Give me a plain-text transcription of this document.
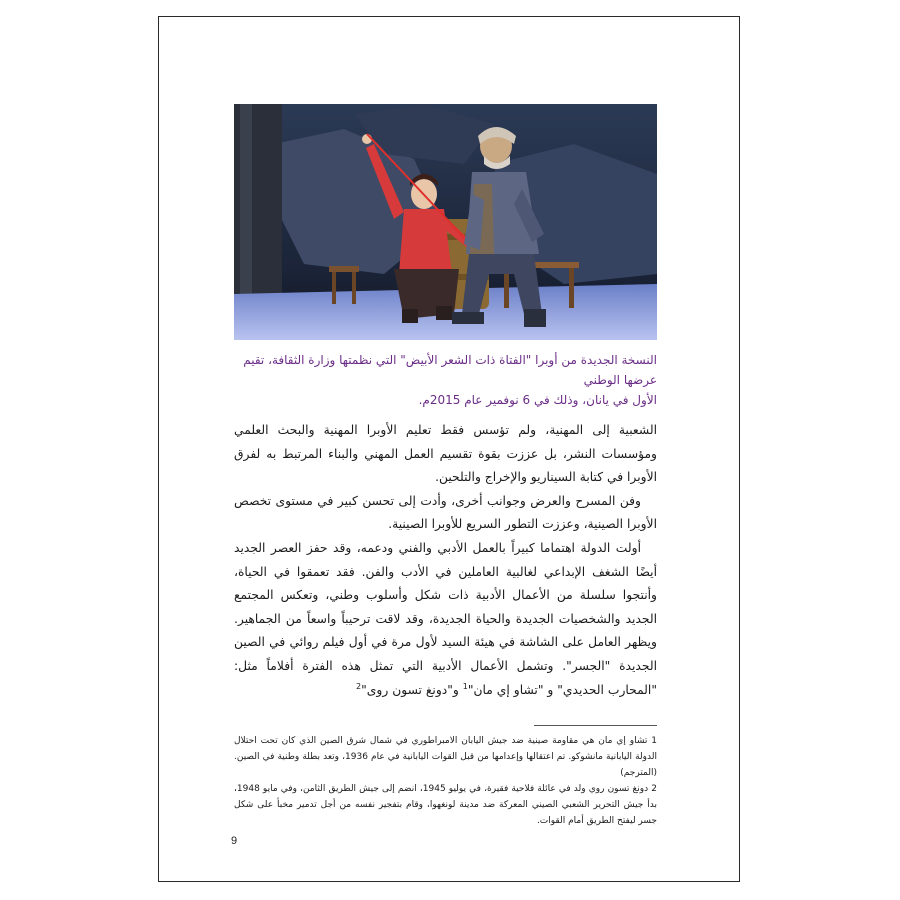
النسخة الجديدة من أوبرا "الفتاة ذات الشعر الأبيض" التي نظمتها وزارة الثقافة، تقيم عرضها الوطني
الأول في يانان، وذلك في 6 نوفمير عام 2015م.

الشعبية إلى المهنية، ولم تؤسس فقط تعليم الأوبرا المهنية والبحث العلمي ومؤسسات النشر، بل عززت بقوة تقسيم العمل المهني والبناء المرتبط به لفرق الأوبرا في كتابة السيناريو والإخراج والتلحين.

وفن المسرح والعرض وجوانب أخرى، وأدت إلى تحسن كبير في مستوى تخصص الأوبرا الصينية، وعززت التطور السريع للأوبرا الصينية.

أولت الدولة اهتماما كبيراً بالعمل الأدبي والفني ودعمه، وقد حفز العصر الجديد أيضًا الشغف الإبداعي لغالبية العاملين في الأدب والفن. فقد تعمقوا في الحياة، وأنتجوا سلسلة من الأعمال الأدبية ذات شكل وأسلوب وطني، وتعكس المجتمع الجديد والشخصيات الجديدة والحياة الجديدة، وقد لاقت ترحيباً واسعاً من الجماهير. ويظهر العامل على الشاشة في هيئة السيد لأول مرة في أول فيلم روائي في الصين الجديدة "الجسر". وتشمل الأعمال الأدبية التي تمثل هذه الفترة أفلاماً مثل: "المحارب الحديدي" و "تشاو إي مان"$^1$ و"دونغ تسون روى"$^2$

1 تشاو إي مان هي مقاومة صينية ضد جيش اليابان الامبراطوري في شمال شرق الصين الذي كان تحت احتلال الدولة اليابانية مانشوكو. تم اعتقالها وإعدامها من قبل القوات اليابانية في عام 1936، وتعد بطلة وطنية في الصين. (المترجم)

2 دونغ تسون روي ولد في عائلة فلاحية فقيرة، في يوليو 1945، انضم إلى جيش الطريق الثامن، وفي مايو 1948، بدأ جيش التحرير الشعبي الصيني المعركة ضد مدينة لونغهوا، وقام بتفجير نفسه من أجل تدمير مخبأ على شكل جسر ليفتح الطريق أمام القوات.

9
